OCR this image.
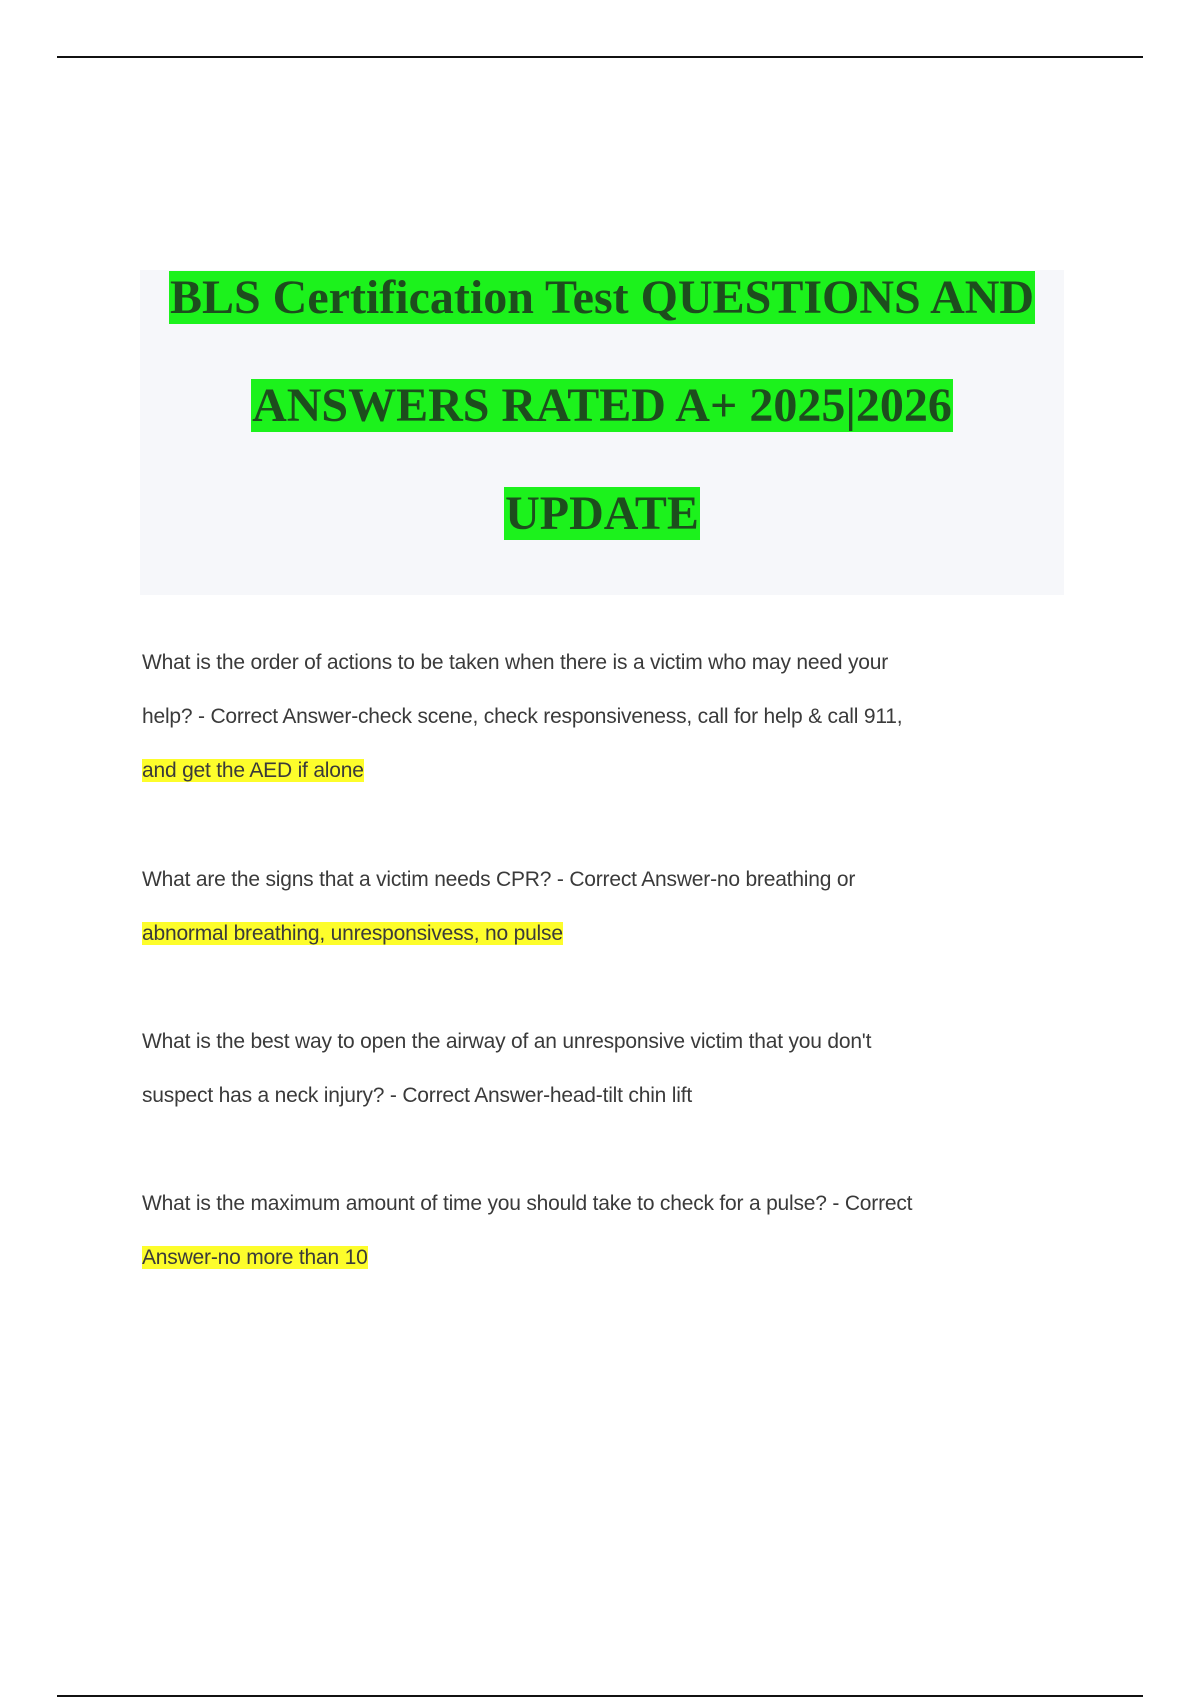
BLS Certification Test QUESTIONS AND
ANSWERS RATED A+ 2025|2026
UPDATE
What is the order of actions to be taken when there is a victim who may need your
help? - Correct Answer-check scene, check responsiveness, call for help & call 911,
and get the AED if alone
What are the signs that a victim needs CPR? - Correct Answer-no breathing or
abnormal breathing, unresponsivess, no pulse
What is the best way to open the airway of an unresponsive victim that you don't
suspect has a neck injury? - Correct Answer-head-tilt chin lift
What is the maximum amount of time you should take to check for a pulse? - Correct
Answer-no more than 10
